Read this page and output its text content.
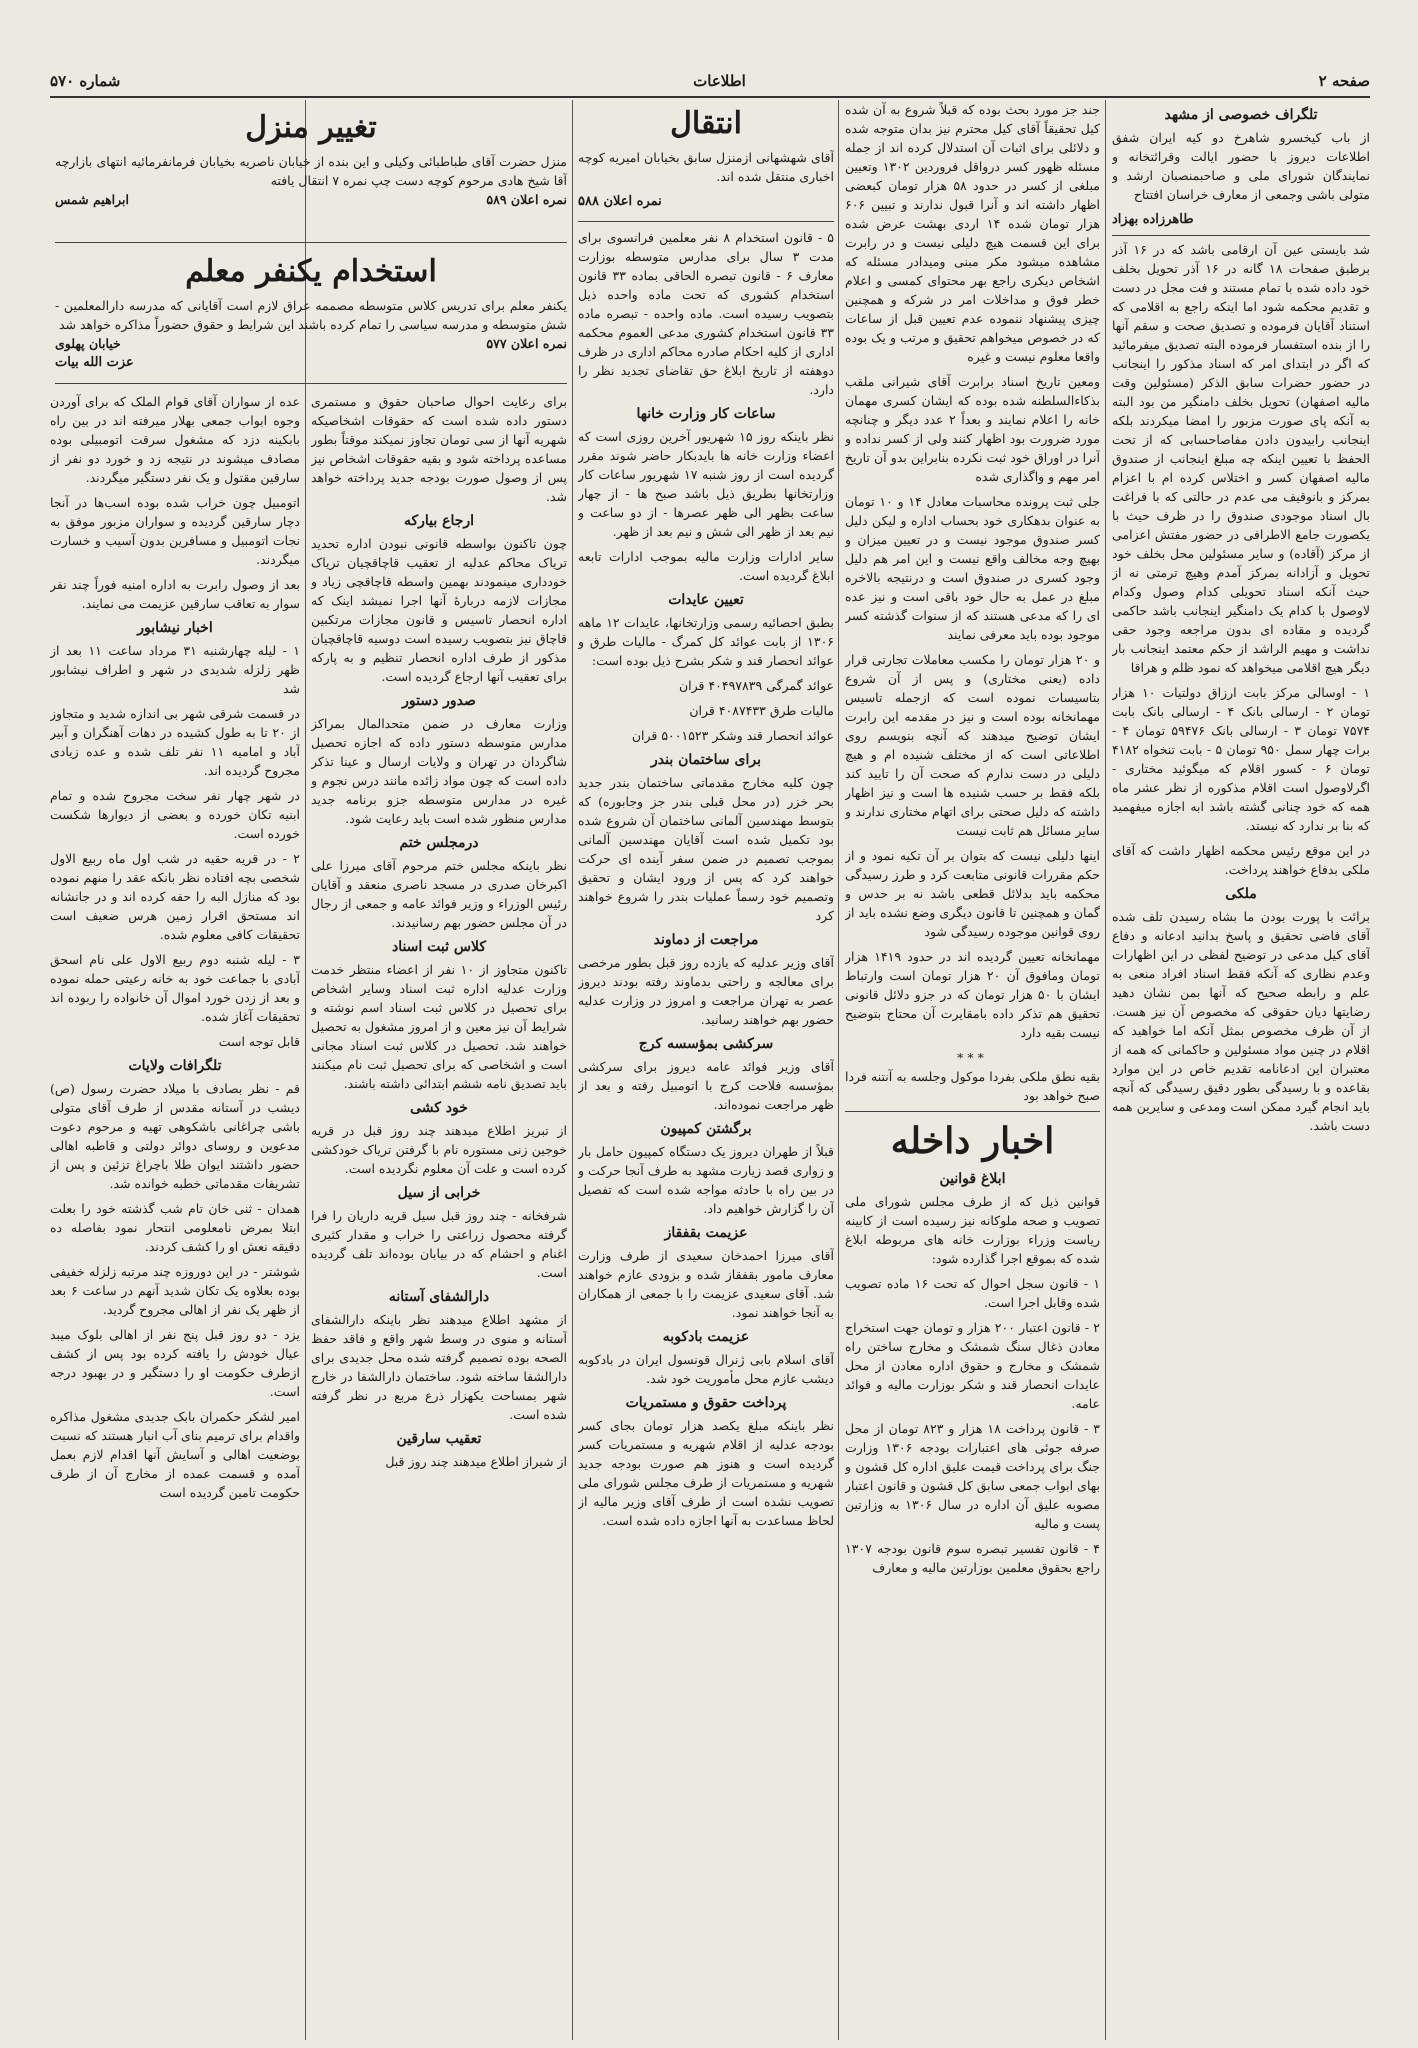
صفحه ۲
اطلاعات
شماره ۵۷۰
تلگراف خصوصی از مشهد

از باب کیخسرو شاهرخ دو کیه ایران شفق اطلاعات دیروز با حضور ایالت وقرائتخانه و نمایندگان شورای ملی و صاحبمنصبان ارشد و متولی باشی وجمعی از معارف خراسان افتتاح

طاهرزاده بهزاد

شد بایستی عین آن ارقامی باشد که در ۱۶ آذر برطبق صفحات ۱۸ گانه در ۱۶ آذر تحویل بخلف خود داده شده با تمام مستند و فت مجل در دست و تقدیم محکمه شود اما اینکه راجع به اقلامی که استناد آقایان فرموده و تصدیق صحت و سقم آنها را از بنده استفسار فرموده البته تصدیق میفرمائید که اگر در ابتدای امر که اسناد مذکور را اینجانب در حضور حضرات سابق الذکر (مسئولین وقت مالیه اصفهان) تحویل بخلف دامنگیر من بود البته به آنکه پای صورت مزبور را امضا میکردند بلکه اینجانب رابیدون دادن مفاصاحسابی که از تحت الحفظ با تعیین اینکه چه مبلغ اینجانب از صندوق مالیه اصفهان کسر و اختلاس کرده ام با اعزام بمرکز و بانوقیف می عدم در حالتی که با فراغت بال اسناد موجودی صندوق را در ظرف حیث با یکصورت جامع الاطرافی در حضور مفتش اعزامی از مرکز (آقاده) و سایر مسئولین محل بخلف خود تحویل و آزادانه بمرکز آمدم وهیچ ترمتی نه از حیث آنکه اسناد تحویلی کدام وصول وکدام لاوصول با کدام یک دامنگیر اینجانب باشد حاکمی گردیده و مقاده ای بدون مراجعه وجود حقی نداشت و مهیم الراشد از حکم معتمد اینجانب بار دیگر هیچ اقلامی میخواهد که نمود ظلم و هراقا

۱ - اوسالی مرکز بابت ارزاق دولتیات ۱۰ هزار تومان ۲ - ارسالی بانک ۴ - ارسالی بانک بابت ۷۵۷۴ تومان ۳ - ارسالی بانک ۵۹۴۷۶ تومان ۴ - برات چهار سمل ۹۵۰ تومان ۵ - بابت تنخواه ۴۱۸۲ تومان ۶ - کسور اقلام که میگوئید مختاری - اگرلاوصول است اقلام مذکوره از نظر عشر ماه همه که خود چنانی گشته باشد ابه اجازه میفهمید که بنا بر ندارد که نیستد.

در این موقع رئیس محکمه اظهار داشت که آقای ملکی بدفاع خواهند پرداخت.

ملکی

برائت با پورت بودن ما بشاه رسیدن تلف شده آقای فاضی تحقیق و پاسخ بدانید ادعانه و دفاع آقای کیل مدعی در توضیح لفظی در این اظهارات وعدم نظاری که آنکه فقط اسناد افراد منعی به علم و رابطه صحیح که آنها بمن نشان دهید رضایتها دیان حقوقی که مخصوص آن نیز هست. از آن ظرف مخصوص بمثل آنکه اما خواهید که اقلام در چنین مواد مسئولین و حاکمانی که همه از معتبران این ادعانامه تقدیم خاص در این موارد بقاعده و با رسیدگی بطور دقیق رسیدگی که آنچه باید انجام گیرد ممکن است ومدعی و سایرین همه دست باشد.

جند جز مورد بحث بوده که قبلاً شروع به آن شده کیل تحقیقاً آقای کیل محترم نیز بدان متوجه شده و دلائلی برای اثبات آن استدلال کرده اند از جمله مسئله ظهور کسر درواقل فروردین ۱۳۰۲ وتعیین مبلغی از کسر در حدود ۵۸ هزار تومان کبعضی اظهار داشته اند و آنرا قبول ندارند و تبیین ۶۰۶ هزار تومان شده ۱۴ اردی بهشت عرض شده برای این قسمت هیچ دلیلی نیست و در رابرت مشاهده میشود مکر مبنی ومیدادر مسئله که اشخاص دیکری راجع بهر محتوای کمسی و اعلام خطر فوق و مداخلات امر در شرکه و همچنین چیزی پیشنهاد ننموده عدم تعیین قبل از ساعات که در خصوص میخواهم تحقیق و مرتب و یک بوده واقعا معلوم نیست و غیره

ومعین تاریخ اسناد برابرت آقای شیرانی ملقب بذکاءالسلطنه شده بوده که ایشان کسری مهمان خانه را اعلام نمایند و بعداً ۲ عدد دیگر و چنانچه مورد ضرورت بود اظهار کنند ولی از کسر نداده و آنرا در اوراق خود ثبت نکرده بنابراین بدو آن تاریخ امر مهم و واگذاری شده

جلی ثبت پرونده محاسبات معادل ۱۴ و ۱۰ تومان به عنوان بدهکاری خود بحساب اداره و لیکن دلیل کسر صندوق موجود نیست و در تعیین میزان و بهیچ وجه مخالف واقع نیست و این امر هم دلیل وجود کسری در صندوق است و درنتیجه بالاخره مبلغ در عمل به حال خود باقی است و نیز عده ای را که مدعی هستند که از سنوات گذشته کسر موجود بوده باید معرفی نمایند

و ۲۰ هزار تومان را مکسب معاملات تجارتی قرار داده (یعنی مختاری) و پس از آن شروع بتاسیسات نموده است که ازجمله تاسیس مهمانخانه بوده است و نیز در مقدمه این رابرت ایشان توضیح میدهند که آنچه بنویسم روی اطلاعاتی است که از مختلف شنیده ام و هیچ دلیلی در دست ندارم که صحت آن را تایید کند بلکه فقط بر حسب شنیده ها است و نیز اظهار داشته که دلیل صحتی برای اتهام مختاری ندارند و سایر مسائل هم ثابت نیست

اینها دلیلی نیست که بتوان بر آن تکیه نمود و از حکم مقررات قانونی متابعت کرد و طرز رسیدگی محکمه باید بدلائل قطعی باشد نه بر حدس و گمان و همچنین تا قانون دیگری وضع نشده باید از روی قوانین موجوده رسیدگی شود

مهمانخانه تعیین گردیده اند در حدود ۱۴۱۹ هزار تومان ومافوق آن ۲۰ هزار تومان است وارتباط ایشان با ۵۰ هزار تومان كه در جزو دلائل قانونی تحقیق هم تذکر داده بامقایرت آن محتاج بتوضیح نیست بقیه دارد

***

بقیه نطق ملکی بفردا موکول وجلسه به آنتنه فردا صبح خواهد بود

اخبار داخله
ابلاغ قوانین

قوانین ذیل که از طرف مجلس شورای ملی تصویب و صحه ملوکانه نیز رسیده است از کابینه ریاست وزراء بوزارت خانه های مربوطه ابلاغ شده که بموقع اجرا گذارده شود:

۱ - قانون سجل احوال که تحت ۱۶ ماده تصویب شده وقابل اجرا است.

۲ - قانون اعتبار ۲۰۰ هزار و تومان جهت استخراج معادن ذغال سنگ شمشک و مخارج ساختن راه شمشک و مخارج و حقوق اداره معادن از محل عایدات انحصار قند و شکر بوزارت مالیه و فوائد عامه.

۳ - قانون پرداخت ۱۸ هزار و ۸۲۳ تومان از محل صرفه جوئی های اعتبارات بودجه ۱۳۰۶ وزارت جنگ برای پرداخت قیمت علیق اداره کل قشون و بهای ابواب جمعی سابق کل قشون و قانون اعتبار مصوبه علیق آن اداره در سال ۱۳۰۶ به وزارتین پست و مالیه

۴ - قانون تفسیر تبصره سوم قانون بودجه ۱۳۰۷ راجع بحقوق معلمین بوزارتین مالیه و معارف

انتقال

آقای شهشهانی ازمنزل سابق بخیابان امیریه کوچه اخباری منتقل شده اند.

نمره اعلان ۵۸۸

۵ - قانون استخدام ۸ نفر معلمین فرانسوی برای مدت ۳ سال برای مدارس متوسطه بوزارت معارف ۶ - قانون تبصره الحاقی بماده ۳۳ قانون استخدام کشوری که تحت ماده واحده ذیل بتصویب رسیده است. ماده واحده - تبصره ماده ۳۳ قانون استخدام کشوری مدعی العموم محکمه اداری از کلیه احکام صادره محاکم اداری در ظرف دوهفته از تاریخ ابلاغ حق تقاضای تجدید نظر را دارد.

ساعات کار وزارت خانها

نظر باینکه روز ۱۵ شهریور آخرین روزی است که اعضاء وزارت خانه ها بایدبکار حاضر شوند مقرر گردیده است از روز شنبه ۱۷ شهریور ساعات کار وزارتخانها بطریق ذیل باشد صبح ها - از چهار ساعت بظهر الی ظهر عصرها - از دو ساعت و نیم بعد از ظهر الی شش و نیم بعد از ظهر.

سایر ادارات وزارت مالیه بموجب ادارات تابعه ابلاغ گردیده است.

تعیین عایدات

بطبق احصائیه رسمی وزارتخانها، عایدات ۱۲ ماهه ۱۳۰۶ از بابت عوائد کل کمرگ - مالیات طرق و عوائد انحصار قند و شکر بشرح ذیل بوده است:

عوائد گمرگی ۴۰۴۹۷۸۳۹ قران

مالیات طرق ۴۰۸۷۴۳۳ قران

عوائد انحصار قند وشکر ۵۰۰۱۵۲۳ قران

برای ساختمان بندر

چون کلیه مخارج مقدماتی ساختمان بندر جدید بحر خزر (در محل قبلی بندر جز وجابوره) که بتوسط مهندسین آلمانی ساختمان آن شروع شده بود تکمیل شده است آقایان مهندسین آلمانی بموجب تصمیم در ضمن سفر آینده ای حرکت خواهند کرد که پس از ورود ایشان و تحقیق وتصمیم خود رسماً عملیات بندر را شروع خواهند کرد

مراجعت از دماوند

آقای وزیر عدلیه که یازده روز قبل بطور مرخصی برای معالجه و راحتی بدماوند رفته بودند دیروز عصر به تهران مراجعت و امروز در وزارت عدلیه حضور بهم خواهند رسانید.

سرکشی بمؤسسه کرج

آقای وزیر فوائد عامه دیروز برای سرکشی بمؤسسه فلاحت کرج با اتومبیل رفته و بعد از ظهر مراجعت نموده‌اند.

برگشتن کمپیون

قبلاً از طهران دیروز یک دستگاه کمپیون حامل بار و زواری قصد زیارت مشهد به طرف آنجا حرکت و در بین راه با حادثه مواجه شده است که تفصیل آن را گزارش خواهیم داد.

عزیمت بقفقاز

آقای میرزا احمدخان سعیدی از طرف وزارت معارف مامور بقفقاز شده و بزودی عازم خواهند شد. آقای سعیدی عزیمت را با جمعی از همکاران به آنجا خواهند نمود.

عزیمت بادکوبه

آقای اسلام بابی ژنرال قونسول ایران در بادکوبه دیشب عازم محل مأموریت خود شد.

پرداخت حقوق و مستمریات

نظر باینکه مبلغ یکصد هزار تومان بجای کسر بودجه عدلیه از اقلام شهریه و مستمریات کسر گردیده است و هنوز هم صورت بودجه جدید شهریه و مستمریات از طرف مجلس شورای ملی تصویب نشده است از طرف آقای وزیر مالیه از لحاظ مساعدت به آنها اجازه داده شده است.

تغییر منزل

منزل حضرت آقای طباطبائی وکیلی و این بنده از خیابان ناصریه بخیابان فرمانفرمائیه انتهای بازارچه آقا شیخ هادی مرحوم کوچه دست چپ نمره ۷ انتقال یافته

نمره اعلان ۵۸۹
ابراهیم شمس
استخدام یکنفر معلم

یکنفر معلم برای تدریس کلاس متوسطه مصممه عراق لازم است آقایانی که مدرسه دارالمعلمین - شش متوسطه و مدرسه سیاسی را تمام کرده باشند این شرایط و حقوق حضوراً مذاکره خواهد شد

نمره اعلان ۵۷۷
خیابان پهلوی
عزت الله بیات

برای رعایت احوال صاحبان حقوق و مستمری دستور داده شده است که حقوقات اشخاصیکه شهریه آنها از سی تومان تجاوز نمیکند موقتاً بطور مساعده پرداخته شود و بقیه حقوقات اشخاص نیز پس از وصول صورت بودجه جدید پرداخته خواهد شد.

ارجاع بیارکه

چون تاکنون بواسطه قانونی نبودن اداره تحدید تریاک محاکم عدلیه از تعقیب قاچاقچیان تریاک خودداری مینمودند بهمین واسطه قاچاقچی زیاد و مجازات لازمه دربارهٔ آنها اجرا نمیشد اینک که اداره انحصار تاسیس و قانون مجازات مرتکبین قاچاق نیز بتصویب رسیده است دوسیه قاچاقچیان مذکور از طرف اداره انحصار تنظیم و به پارکه برای تعقیب آنها ارجاع گردیده است.

صدور دستور

وزارت معارف در ضمن متحدالمال بمراکز مدارس متوسطه دستور داده که اجازه تحصیل شاگردان در تهران و ولایات ارسال و عینا تذکر داده است که چون مواد زائده مانند درس نجوم و غیره در مدارس متوسطه جزو برنامه جدید مدارس منظور شده است باید رعایت شود.

درمجلس ختم

نظر باینکه مجلس ختم مرحوم آقای میرزا علی اکبرخان صدری در مسجد ناصری منعقد و آقایان رئیس الوزراء و وزیر فوائد عامه و جمعی از رجال در آن مجلس حضور بهم رسانیدند.

کلاس ثبت اسناد

تاکنون متجاوز از ۱۰ نفر از اعضاء منتظر خدمت وزارت عدلیه اداره ثبت اسناد وسایر اشخاص برای تحصیل در کلاس ثبت اسناد اسم نوشته و شرایط آن نیز معین و از امروز مشغول به تحصیل خواهند شد. تحصیل در کلاس ثبت اسناد مجانی است و اشخاصی که برای تحصیل ثبت نام میکنند باید تصدیق نامه ششم ابتدائی داشته باشند.

خود کشی

از تبریز اطلاع میدهند چند روز قبل در قریه خوجین زنی مستوره نام با گرفتن تریاک خودکشی کرده است و علت آن معلوم نگردیده است.

خرابی از سیل

شرفخانه - چند روز قبل سیل قریه داریان را فرا گرفته محصول زراعتی را خراب و مقدار کثیری اغنام و احشام که در بیابان بوده‌اند تلف گردیده است.

دارالشفای آستانه

از مشهد اطلاع میدهند نظر باینکه دارالشفای آستانه و منوی در وسط شهر واقع و فاقد حفظ الصحه بوده تصمیم گرفته شده محل جدیدی برای دارالشفا ساخته شود. ساختمان دارالشفا در خارج شهر بمساحت یکهزار ذرع مربع در نظر گرفته شده است.

تعقیب سارقین

از شیراز اطلاع میدهند چند روز قبل

عده از سواران آقای قوام الملک که برای آوردن وجوه ابواب جمعی بهلار میرفته اند در بین راه بابکینه دزد که مشغول سرقت اتومبیلی بوده مصادف میشوند در نتیجه زد و خورد دو نفر از سارقین مقتول و یک نفر دستگیر میگردند.

اتومبیل چون خراب شده بوده اسب‌ها در آنجا دچار سارقین گردیده و سواران مزبور موفق به نجات اتومبیل و مسافرین بدون آسیب و خسارت میگردند.

بعد از وصول رابرت به اداره امنیه فوراً چند نفر سوار به تعاقب سارقین عزیمت می نمایند.

اخبار نیشابور

۱ - لیله چهارشنبه ۳۱ مرداد ساعت ۱۱ بعد از ظهر زلزله شدیدی در شهر و اطراف نیشابور شد

در قسمت شرقی شهر بی اندازه شدید و متجاوز از ۲۰ تا به طول کشیده در دهات آهنگران و آبیر آباد و امامیه ۱۱ نفر تلف شده و عده زیادی مجروح گردیده اند.

در شهر چهار نفر سخت مجروح شده و تمام ابنیه تکان خورده و بعضی از دیوارها شکست خورده است.

۲ - در قریه حقیه در شب اول ماه ربیع الاول شخصی بچه افتاده نظر بانکه عقد را منهم نموده بود که منازل البه را حفه کرده اند و در جانشانه اند مستحق اقرار زمین هرس ضعیف است تحقیقات کافی معلوم شده.

۳ - لیله شنبه دوم ربیع الاول علی نام اسحق آبادی با جماعت خود به خانه رعیتی حمله نموده و بعد از زدن خورد اموال آن خانواده را ربوده اند تحقیقات آغاز شده.

قابل توجه است

تلگرافات ولایات

قم - نظر بصادف با میلاد حضرت رسول (ص) دیشب در آستانه مقدس از طرف آقای متولی باشی چراغانی باشکوهی تهیه و مرحوم دعوت مدعوین و روسای دوائر دولتی و قاطبه اهالی حضور داشتند ایوان طلا باچراغ تزئین و پس از تشریفات مقدماتی خطبه خوانده شد.

همدان - ثنی خان تام شب گذشته خود را بعلت ابتلا بمرض نامعلومی انتحار نمود بفاصله ده دقیقه نعش او را کشف کردند.

شوشتر - در این دوروزه چند مرتبه زلزله خفیفی بوده بعلاوه یک تکان شدید آنهم در ساعت ۶ بعد از ظهر یک نفر از اهالی مجروح گردید.

یزد - دو روز قبل پنج نفر از اهالی بلوک میبد عیال خودش را یافته کرده بود پس از کشف ازطرف حکومت او را دستگیر و در بهبود درجه است.

امیر لشکر حکمران بابک جدیدی مشغول مذاکره واقدام برای ترمیم بنای آب انبار هستند که نسبت بوضعیت اهالی و آسایش آنها اقدام لازم بعمل آمده و قسمت عمده از مخارج آن از طرف حکومت تامین گردیده است
